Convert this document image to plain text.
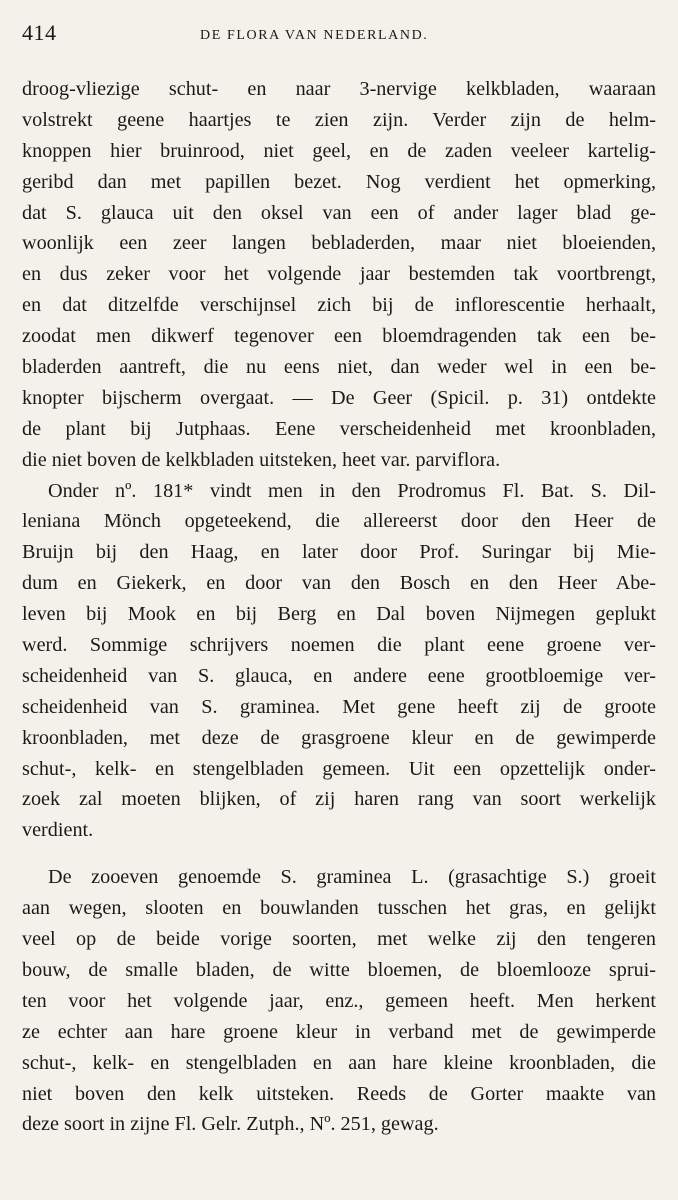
414	DE FLORA VAN NEDERLAND.
droog-vliezige schut- en naar 3-nervige kelkbladen, waaraan
volstrekt geene haartjes te zien zijn. Verder zijn de helm-
knoppen hier bruinrood, niet geel, en de zaden veeleer kartelig-
geribd dan met papillen bezet. Nog verdient het opmerking,
dat S. glauca uit den oksel van een of ander lager blad ge-
woonlijk een zeer langen bebladerden, maar niet bloeienden,
en dus zeker voor het volgende jaar bestemden tak voortbrengt,
en dat ditzelfde verschijnsel zich bij de inflorescentie herhaalt,
zoodat men dikwerf tegenover een bloemdragenden tak een be-
bladerden aantreft, die nu eens niet, dan weder wel in een be-
knopter bijscherm overgaat. — De Geer (Spicil. p. 31) ontdekte
de plant bij Jutphaas. Eene verscheidenheid met kroonbladen,
die niet boven de kelkbladen uitsteken, heet var. parviflora.
Onder nº. 181* vindt men in den Prodromus Fl. Bat. S. Dil-
leniana Mönch opgeteekend, die allereerst door den Heer de
Bruijn bij den Haag, en later door Prof. Suringar bij Mie-
dum en Giekerk, en door van den Bosch en den Heer Abe-
leven bij Mook en bij Berg en Dal boven Nijmegen geplukt
werd. Sommige schrijvers noemen die plant eene groene ver-
scheidenheid van S. glauca, en andere eene grootbloemige ver-
scheidenheid van S. graminea. Met gene heeft zij de groote
kroonbladen, met deze de grasgroene kleur en de gewimperde
schut-, kelk- en stengelbladen gemeen. Uit een opzettelijk onder-
zoek zal moeten blijken, of zij haren rang van soort werkelijk
verdient.
De zooeven genoemde S. graminea L. (grasachtige S.) groeit
aan wegen, slooten en bouwlanden tusschen het gras, en gelijkt
veel op de beide vorige soorten, met welke zij den tengeren
bouw, de smalle bladen, de witte bloemen, de bloemlooze sprui-
ten voor het volgende jaar, enz., gemeen heeft. Men herkent
ze echter aan hare groene kleur in verband met de gewimperde
schut-, kelk- en stengelbladen en aan hare kleine kroonbladen, die
niet boven den kelk uitsteken. Reeds de Gorter maakte van
deze soort in zijne Fl. Gelr. Zutph., Nº. 251, gewag.
